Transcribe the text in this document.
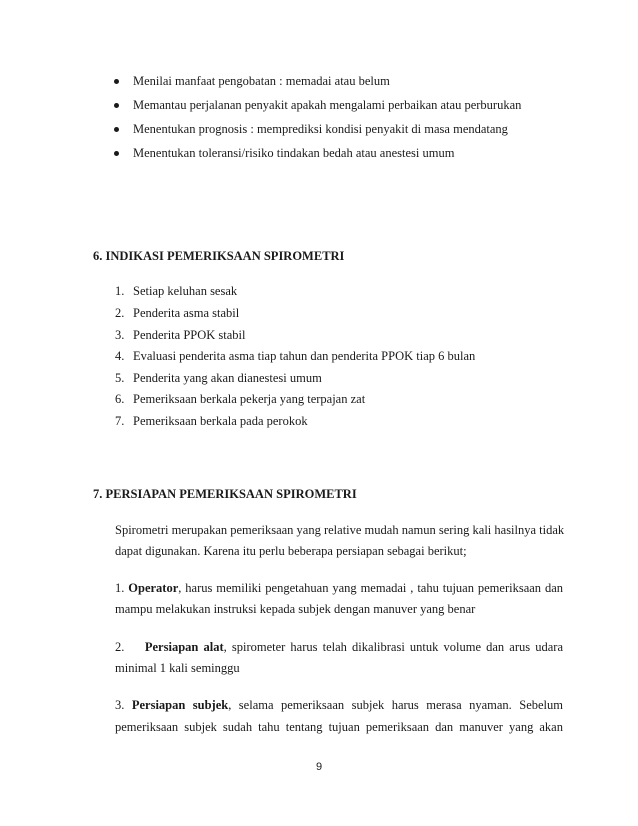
Menilai manfaat pengobatan : memadai atau belum
Memantau perjalanan penyakit apakah mengalami perbaikan atau perburukan
Menentukan prognosis : memprediksi kondisi penyakit di masa mendatang
Menentukan toleransi/risiko tindakan bedah atau anestesi umum
6. INDIKASI PEMERIKSAAN SPIROMETRI
1. Setiap keluhan sesak
2. Penderita asma stabil
3. Penderita PPOK stabil
4. Evaluasi penderita asma tiap tahun dan penderita PPOK tiap 6 bulan
5. Penderita yang akan dianestesi umum
6. Pemeriksaan berkala pekerja yang terpajan zat
7. Pemeriksaan berkala pada perokok
7. PERSIAPAN PEMERIKSAAN SPIROMETRI
Spirometri merupakan pemeriksaan yang relative mudah namun sering kali hasilnya tidak
dapat digunakan. Karena itu perlu beberapa persiapan sebagai berikut;
1. Operator, harus memiliki pengetahuan yang memadai , tahu tujuan pemeriksaan dan
mampu melakukan instruksi kepada subjek dengan manuver yang benar
2.    Persiapan alat, spirometer harus telah dikalibrasi untuk volume dan arus udara
minimal 1 kali seminggu
3. Persiapan subjek, selama pemeriksaan subjek harus merasa nyaman. Sebelum
pemeriksaan subjek sudah tahu tentang tujuan pemeriksaan dan manuver yang akan
9
